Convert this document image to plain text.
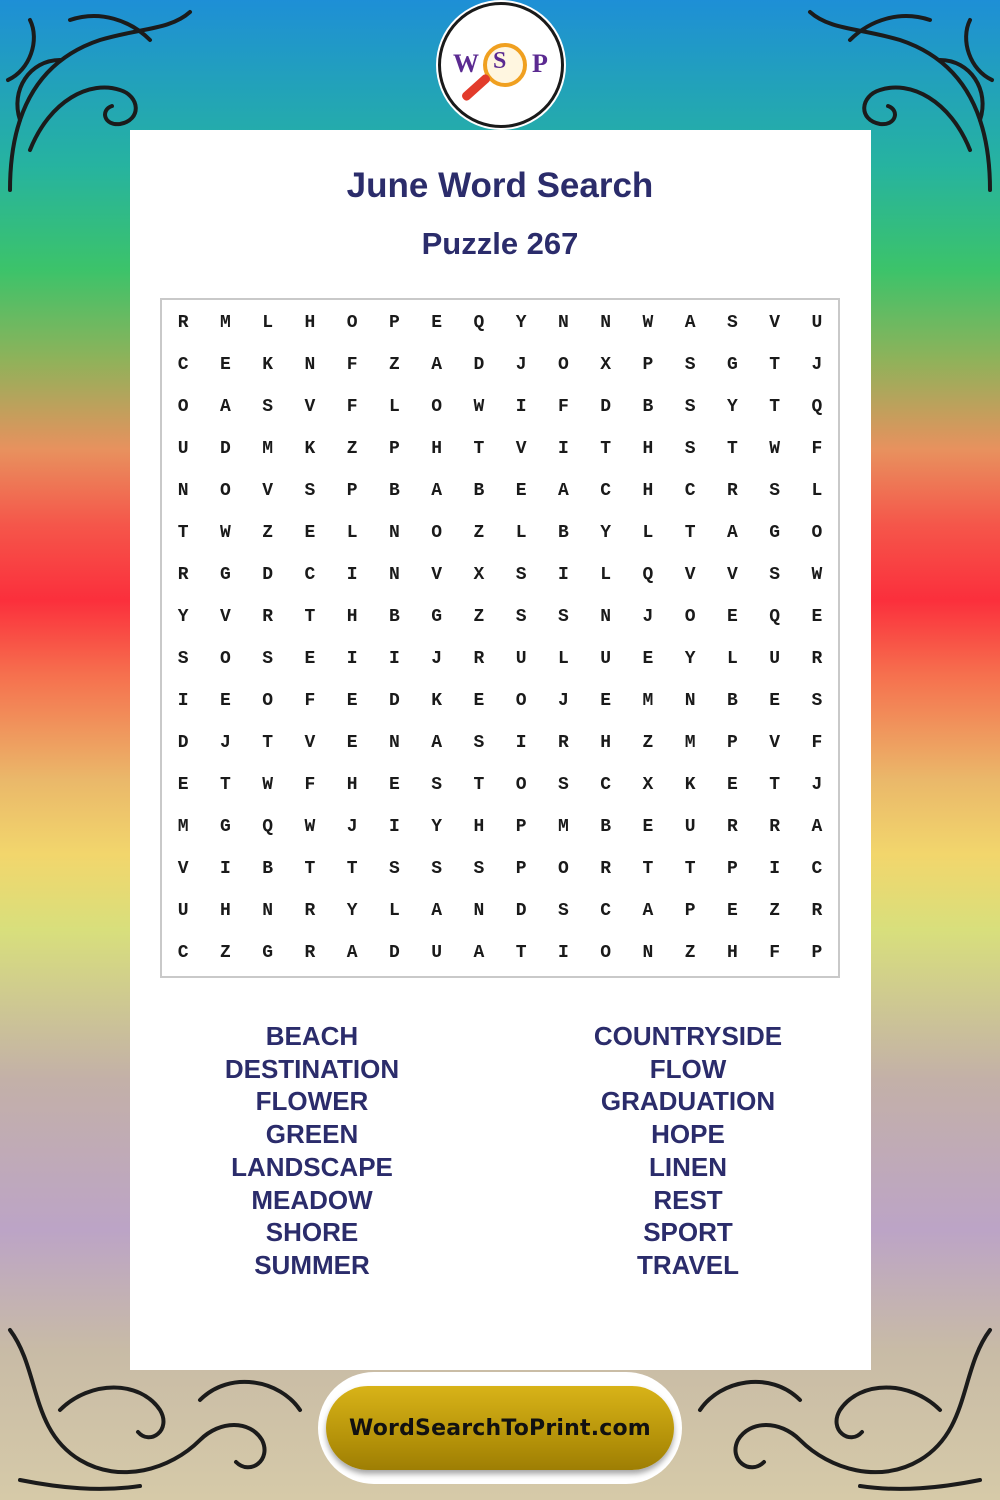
W S P
June Word Search
Puzzle 267
R	M	L	H	O	P	E	Q	Y	N	N	W	A	S	V	U
C	E	K	N	F	Z	A	D	J	O	X	P	S	G	T	J
O	A	S	V	F	L	O	W	I	F	D	B	S	Y	T	Q
U	D	M	K	Z	P	H	T	V	I	T	H	S	T	W	F
N	O	V	S	P	B	A	B	E	A	C	H	C	R	S	L
T	W	Z	E	L	N	O	Z	L	B	Y	L	T	A	G	O
R	G	D	C	I	N	V	X	S	I	L	Q	V	V	S	W
Y	V	R	T	H	B	G	Z	S	S	N	J	O	E	Q	E
S	O	S	E	I	I	J	R	U	L	U	E	Y	L	U	R
I	E	O	F	E	D	K	E	O	J	E	M	N	B	E	S
D	J	T	V	E	N	A	S	I	R	H	Z	M	P	V	F
E	T	W	F	H	E	S	T	O	S	C	X	K	E	T	J
M	G	Q	W	J	I	Y	H	P	M	B	E	U	R	R	A
V	I	B	T	T	S	S	S	P	O	R	T	T	P	I	C
U	H	N	R	Y	L	A	N	D	S	C	A	P	E	Z	R
C	Z	G	R	A	D	U	A	T	I	O	N	Z	H	F	P
BEACH
DESTINATION
FLOWER
GREEN
LANDSCAPE
MEADOW
SHORE
SUMMER
COUNTRYSIDE
FLOW
GRADUATION
HOPE
LINEN
REST
SPORT
TRAVEL
WordSearchToPrint.com
